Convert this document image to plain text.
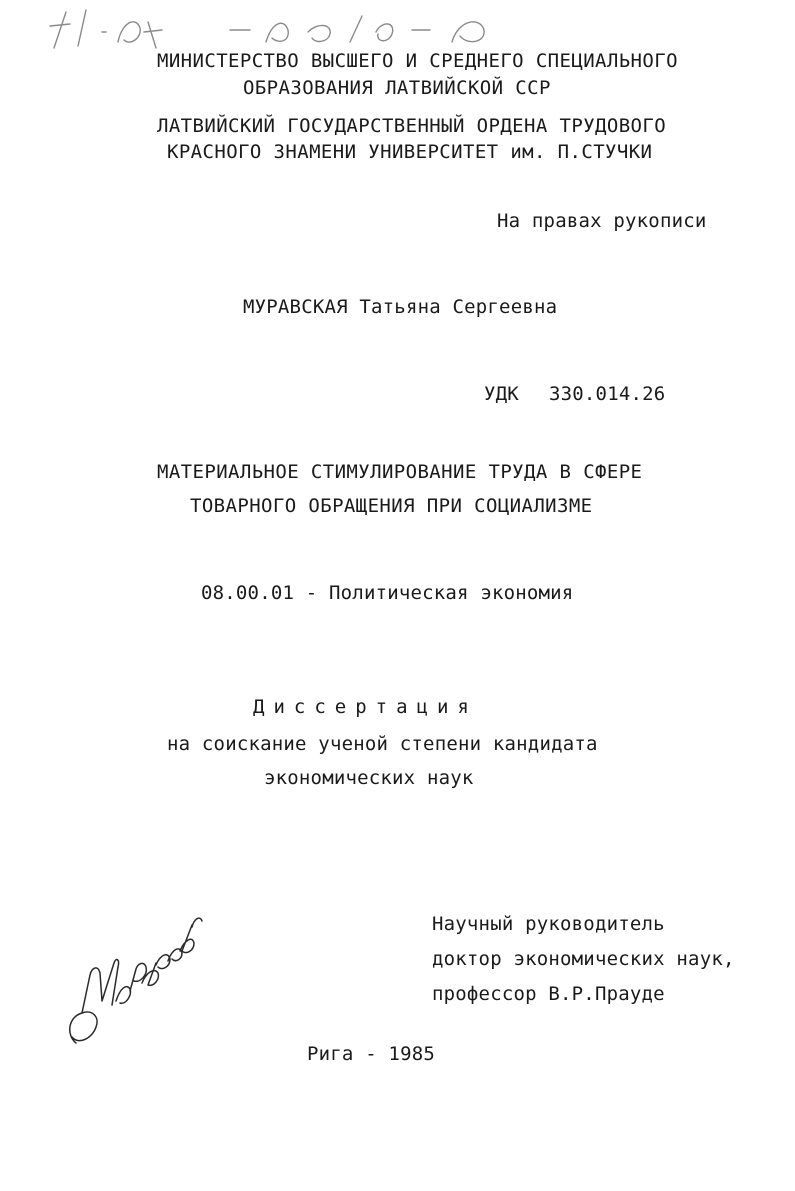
61:85-5/1050
МИНИСТЕРСТВО ВЫСШЕГО И СРЕДНЕГО СПЕЦИАЛЬНОГО
ОБРАЗОВАНИЯ ЛАТВИЙСКОЙ ССР
ЛАТВИЙСКИЙ ГОСУДАРСТВЕННЫЙ ОРДЕНА ТРУДОВОГО
КРАСНОГО ЗНАМЕНИ УНИВЕРСИТЕТ им. П.СТУЧКИ
На правах рукописи
МУРАВСКАЯ Татьяна Сергеевна
УДК 330.014.26
МАТЕРИАЛЬНОЕ СТИМУЛИРОВАНИЕ ТРУДА В СФЕРЕ
ТОВАРНОГО ОБРАЩЕНИЯ ПРИ СОЦИАЛИЗМЕ
08.00.01 - Политическая экономия
Диссертация
на соискание ученой степени кандидата
экономических наук
Научный руководитель
доктор экономических наук,
профессор В.Р.Прауде
Муравская
Рига - 1985
